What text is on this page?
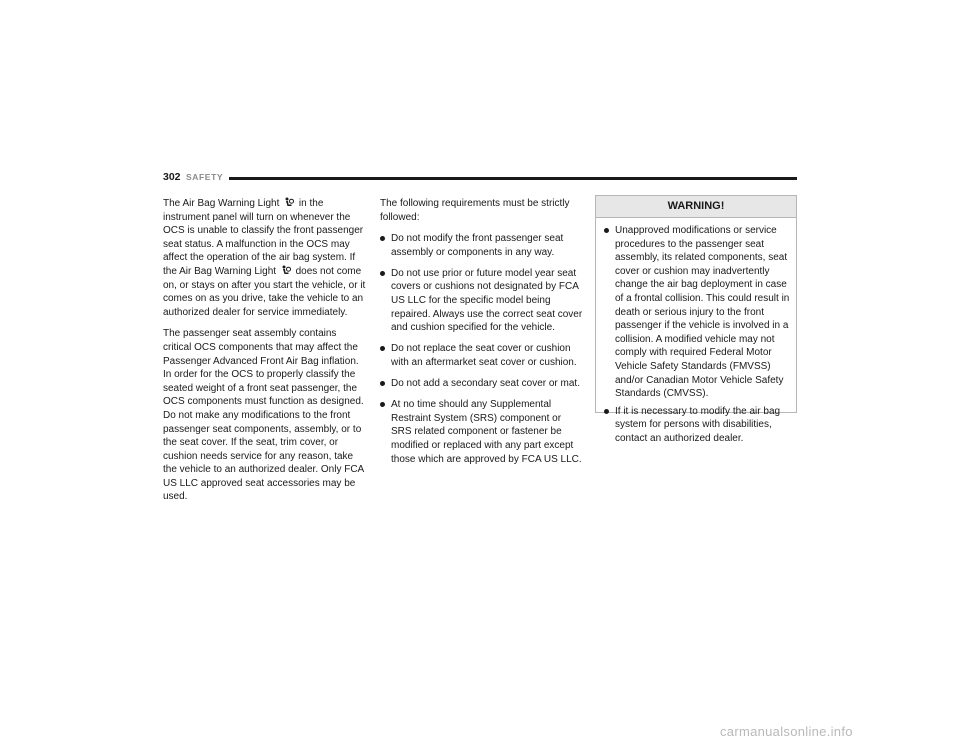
302 SAFETY

The Air Bag Warning Light in the instrument panel will turn on whenever the OCS is unable to classify the front passenger seat status. A malfunction in the OCS may affect the operation of the air bag system. If the Air Bag Warning Light does not come on, or stays on after you start the vehicle, or it comes on as you drive, take the vehicle to an authorized dealer for service immediately.

The passenger seat assembly contains critical OCS components that may affect the Passenger Advanced Front Air Bag inflation. In order for the OCS to properly classify the seated weight of a front seat passenger, the OCS components must function as designed. Do not make any modifications to the front passenger seat components, assembly, or to the seat cover. If the seat, trim cover, or cushion needs service for any reason, take the vehicle to an authorized dealer. Only FCA US LLC approved seat accessories may be used.

The following requirements must be strictly followed:

Do not modify the front passenger seat assembly or components in any way.
Do not use prior or future model year seat covers or cushions not designated by FCA US LLC for the specific model being repaired. Always use the correct seat cover and cushion specified for the vehicle.
Do not replace the seat cover or cushion with an aftermarket seat cover or cushion.
Do not add a secondary seat cover or mat.
At no time should any Supplemental Restraint System (SRS) component or SRS related component or fastener be modified or replaced with any part except those which are approved by FCA US LLC.
WARNING!
Unapproved modifications or service procedures to the passenger seat assembly, its related components, seat cover or cushion may inadvertently change the air bag deployment in case of a frontal collision. This could result in death or serious injury to the front passenger if the vehicle is involved in a collision. A modified vehicle may not comply with required Federal Motor Vehicle Safety Standards (FMVSS) and/or Canadian Motor Vehicle Safety Standards (CMVSS).
If it is necessary to modify the air bag system for persons with disabilities, contact an authorized dealer.
carmanualsonline.info
